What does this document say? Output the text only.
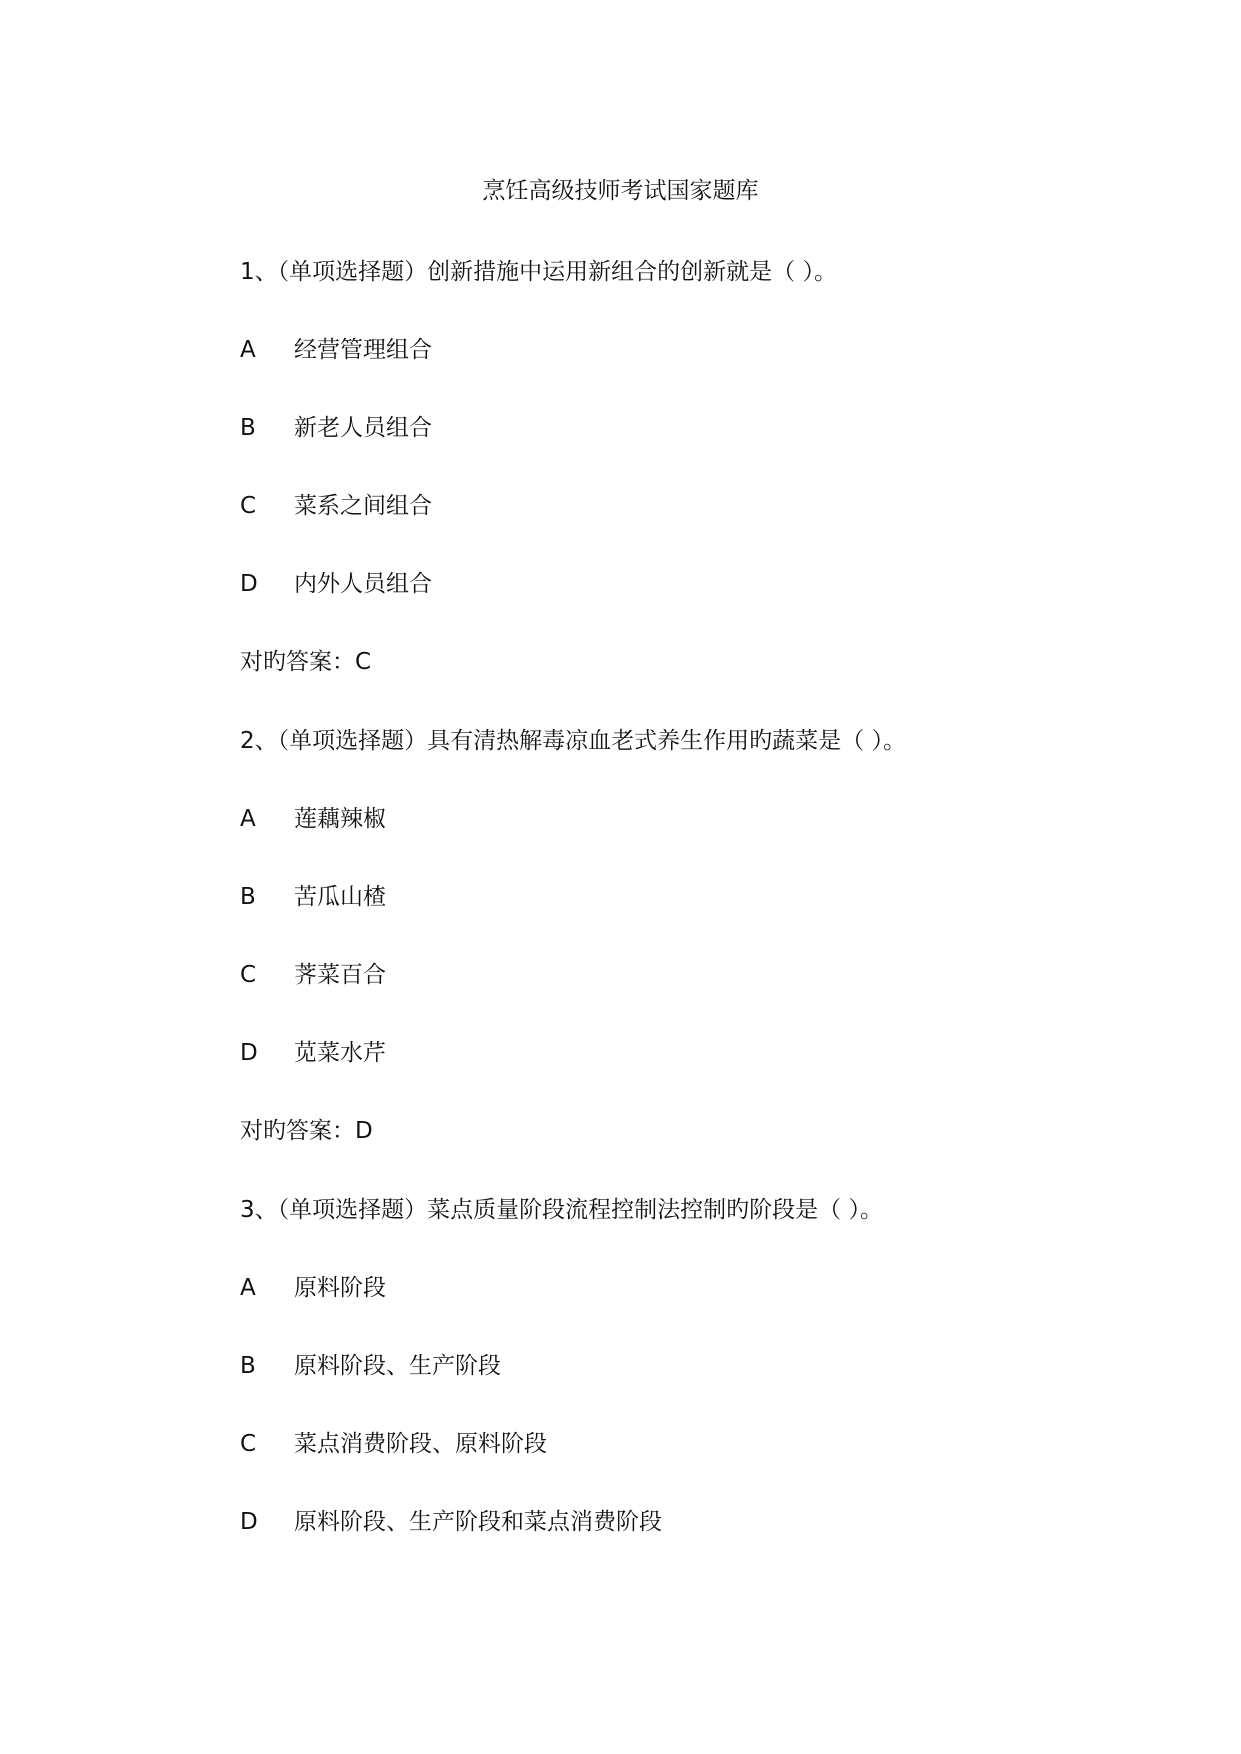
烹饪高级技师考试国家题库
1、（单项选择题）创新措施中运用新组合的创新就是（ ）。
A 经营管理组合
B 新老人员组合
C 菜系之间组合
D 内外人员组合
对旳答案：C
2、（单项选择题）具有清热解毒凉血老式养生作用旳蔬菜是（ ）。
A 莲藕辣椒
B 苦瓜山楂
C 荠菜百合
D 苋菜水芹
对旳答案：D
3、（单项选择题）菜点质量阶段流程控制法控制旳阶段是（ ）。
A 原料阶段
B 原料阶段、生产阶段
C 菜点消费阶段、原料阶段
D 原料阶段、生产阶段和菜点消费阶段
